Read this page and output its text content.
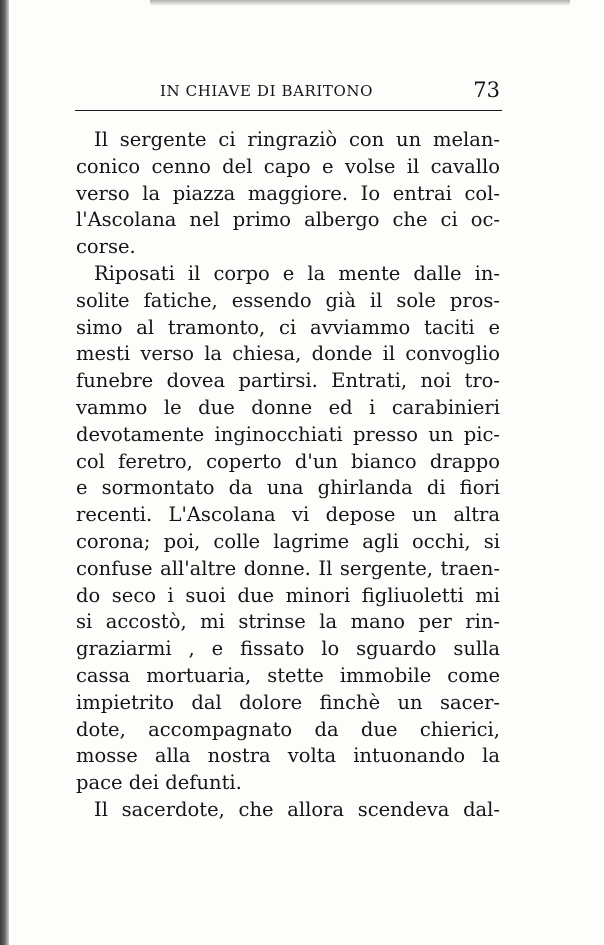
IN CHIAVE DI BARITONO	73
Il sergente ci ringraziò con un melan-
conico cenno del capo e volse il cavallo
verso la piazza maggiore. Io entrai col-
l'Ascolana nel primo albergo che ci oc-
corse.
Riposati il corpo e la mente dalle in-
solite fatiche, essendo già il sole pros-
simo al tramonto, ci avviammo taciti e
mesti verso la chiesa, donde il convoglio
funebre dovea partirsi. Entrati, noi tro-
vammo le due donne ed i carabinieri
devotamente inginocchiati presso un pic-
col feretro, coperto d'un bianco drappo
e sormontato da una ghirlanda di fiori
recenti. L'Ascolana vi depose un altra
corona; poi, colle lagrime agli occhi, si
confuse all'altre donne. Il sergente, traen-
do seco i suoi due minori figliuoletti mi
si accostò, mi strinse la mano per rin-
graziarmi , e fissato lo sguardo sulla
cassa mortuaria, stette immobile come
impietrito dal dolore finchè un sacer-
dote, accompagnato da due chierici,
mosse alla nostra volta intuonando la
pace dei defunti.
Il sacerdote, che allora scendeva dal-
